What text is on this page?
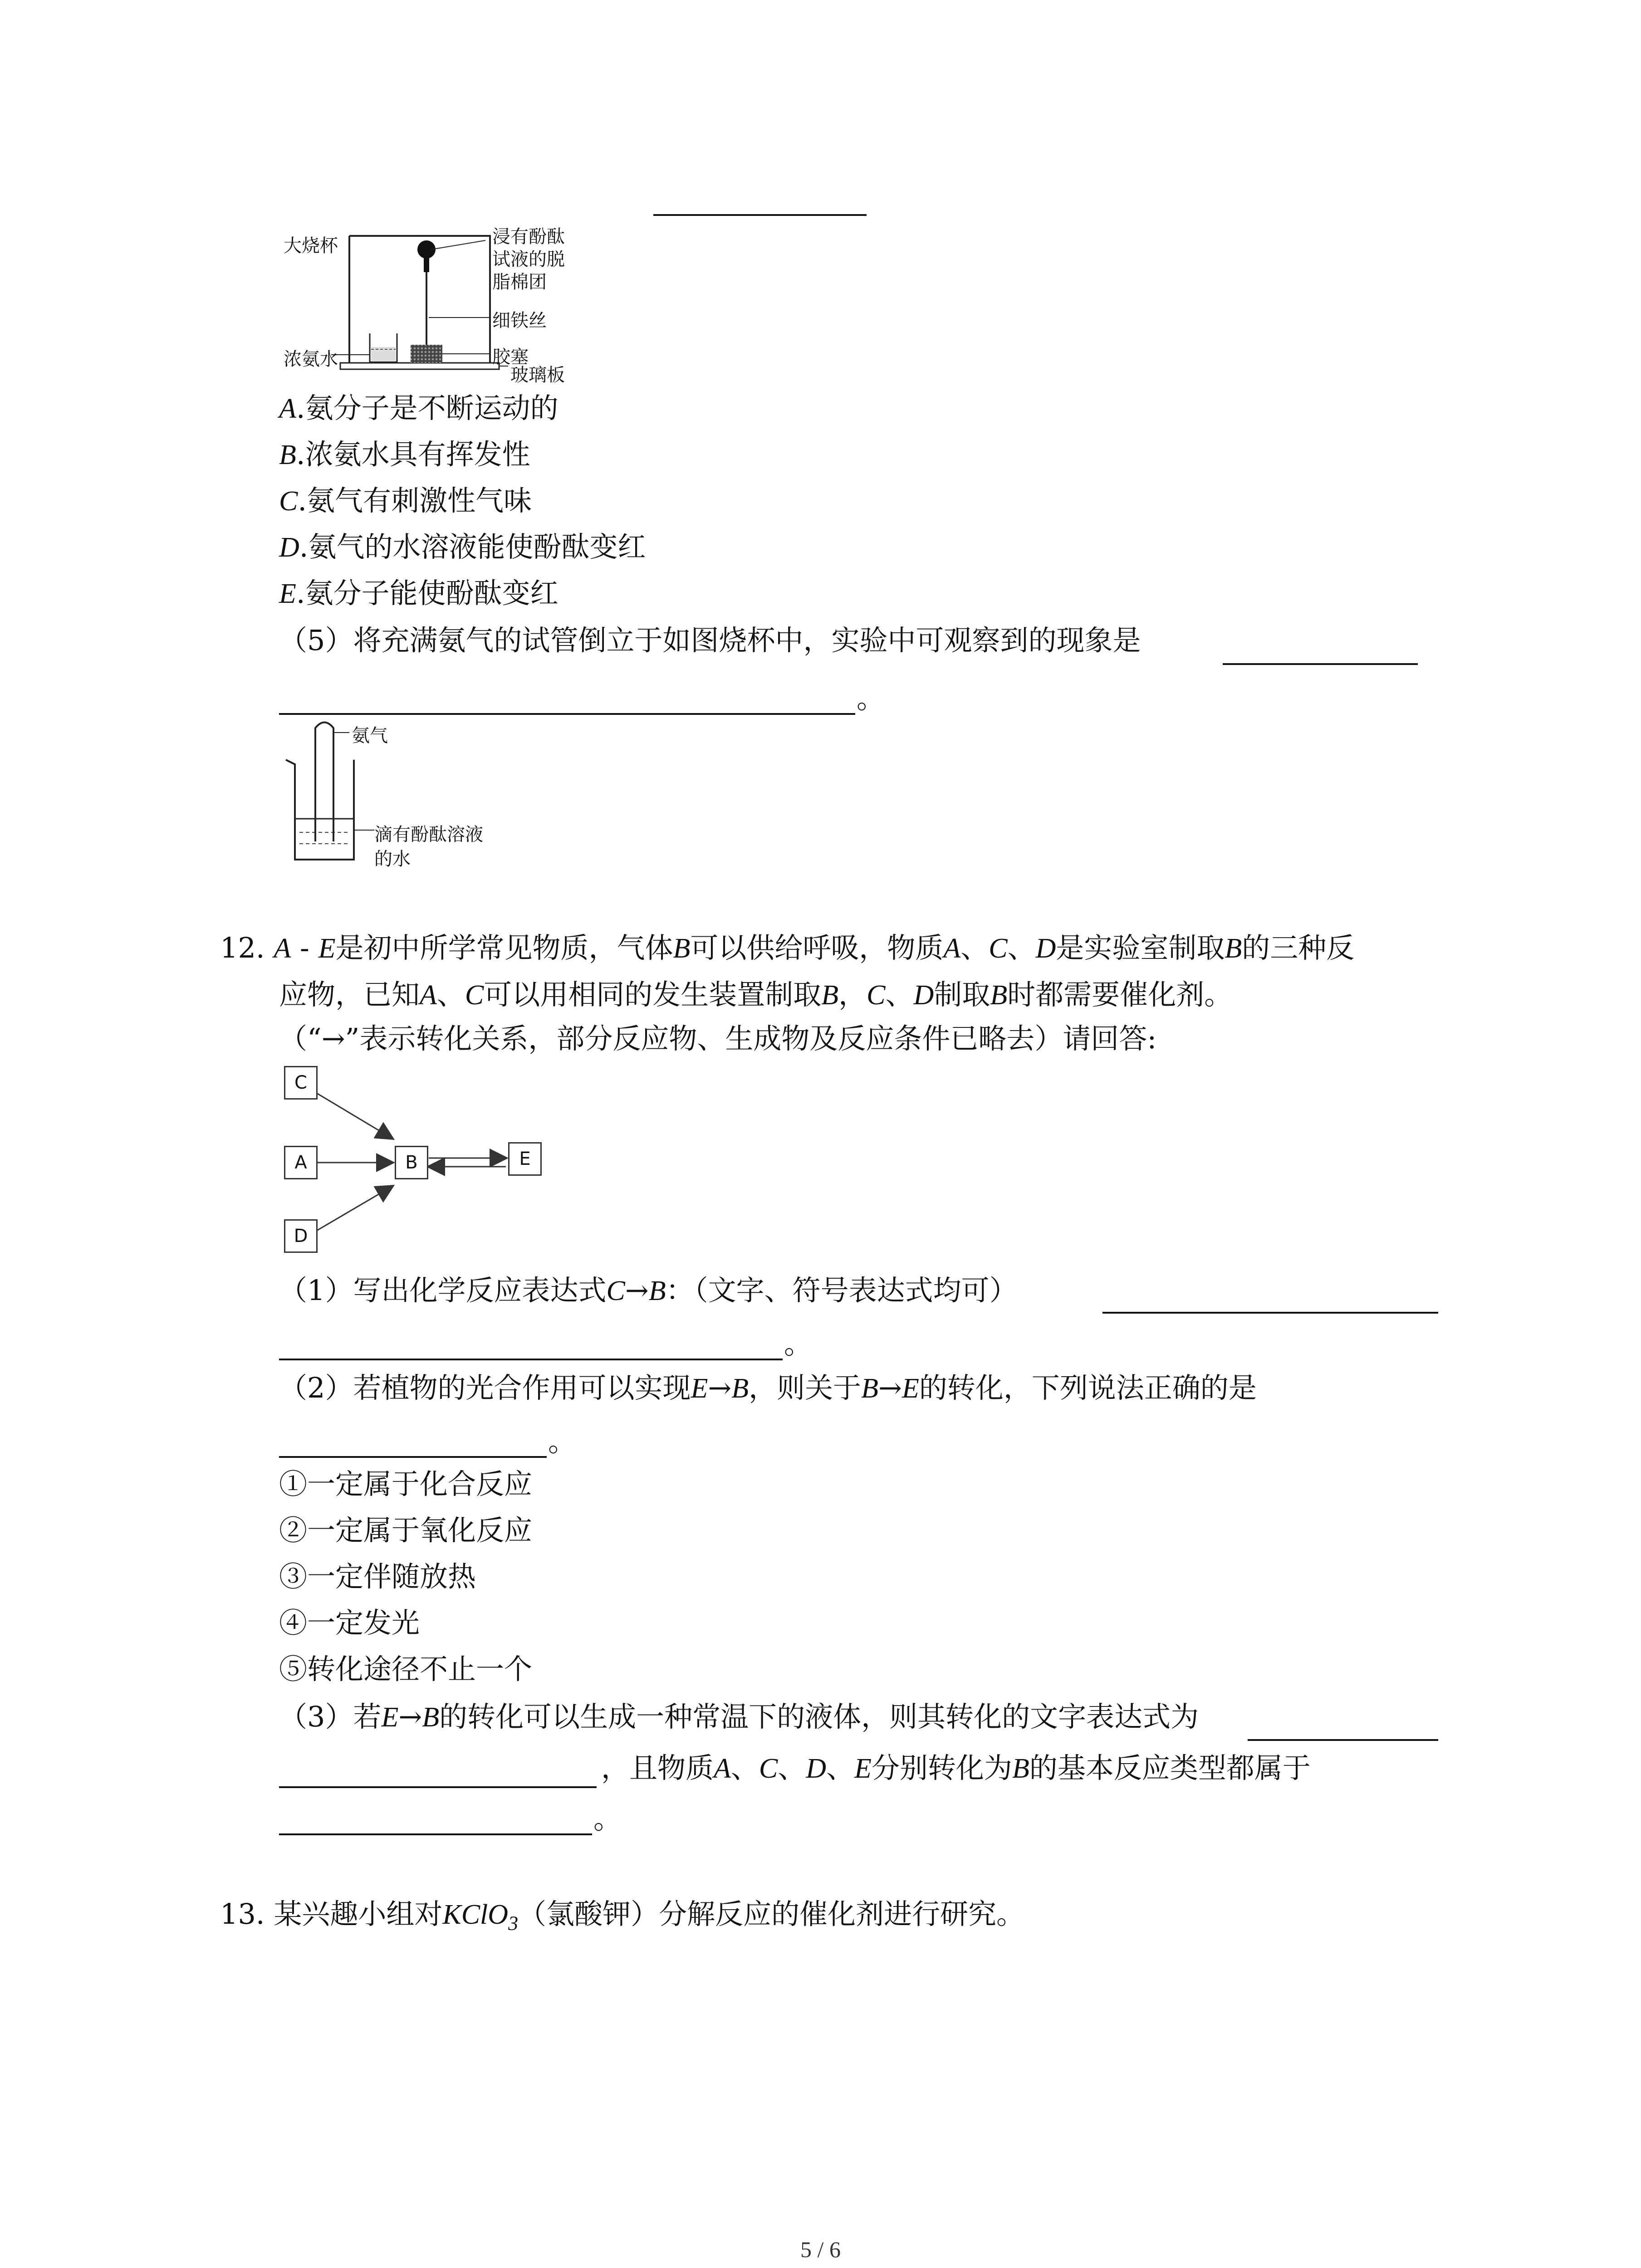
大烧杯
浓氨水
浸有酚酞
试液的脱
脂棉团
细铁丝
胶塞
玻璃板
A.氨分子是不断运动的
B.浓氨水具有挥发性
C.氨气有刺激性气味
D.氨气的水溶液能使酚酞变红
E.氨分子能使酚酞变红
（5）将充满氨气的试管倒立于如图烧杯中，实验中可观察到的现象是
。
氨气
滴有酚酞溶液
的水
12. A - E是初中所学常见物质，气体B可以供给呼吸，物质A、C、D是实验室制取B的三种反
应物，已知A、C可以用相同的发生装置制取B，C、D制取B时都需要催化剂。
（“→”表示转化关系，部分反应物、生成物及反应条件已略去）请回答:
C
A	B	E
D
（1）写出化学反应表达式C→B：（文字、符号表达式均可）
。
（2）若植物的光合作用可以实现E→B，则关于B→E的转化，下列说法正确的是
。
①一定属于化合反应
②一定属于氧化反应
③一定伴随放热
④一定发光
⑤转化途径不止一个
（3）若E→B的转化可以生成一种常温下的液体，则其转化的文字表达式为
，且物质A、C、D、E分别转化为B的基本反应类型都属于
。
13. 某兴趣小组对KClO$_3$（氯酸钾）分解反应的催化剂进行研究。
5 / 6
